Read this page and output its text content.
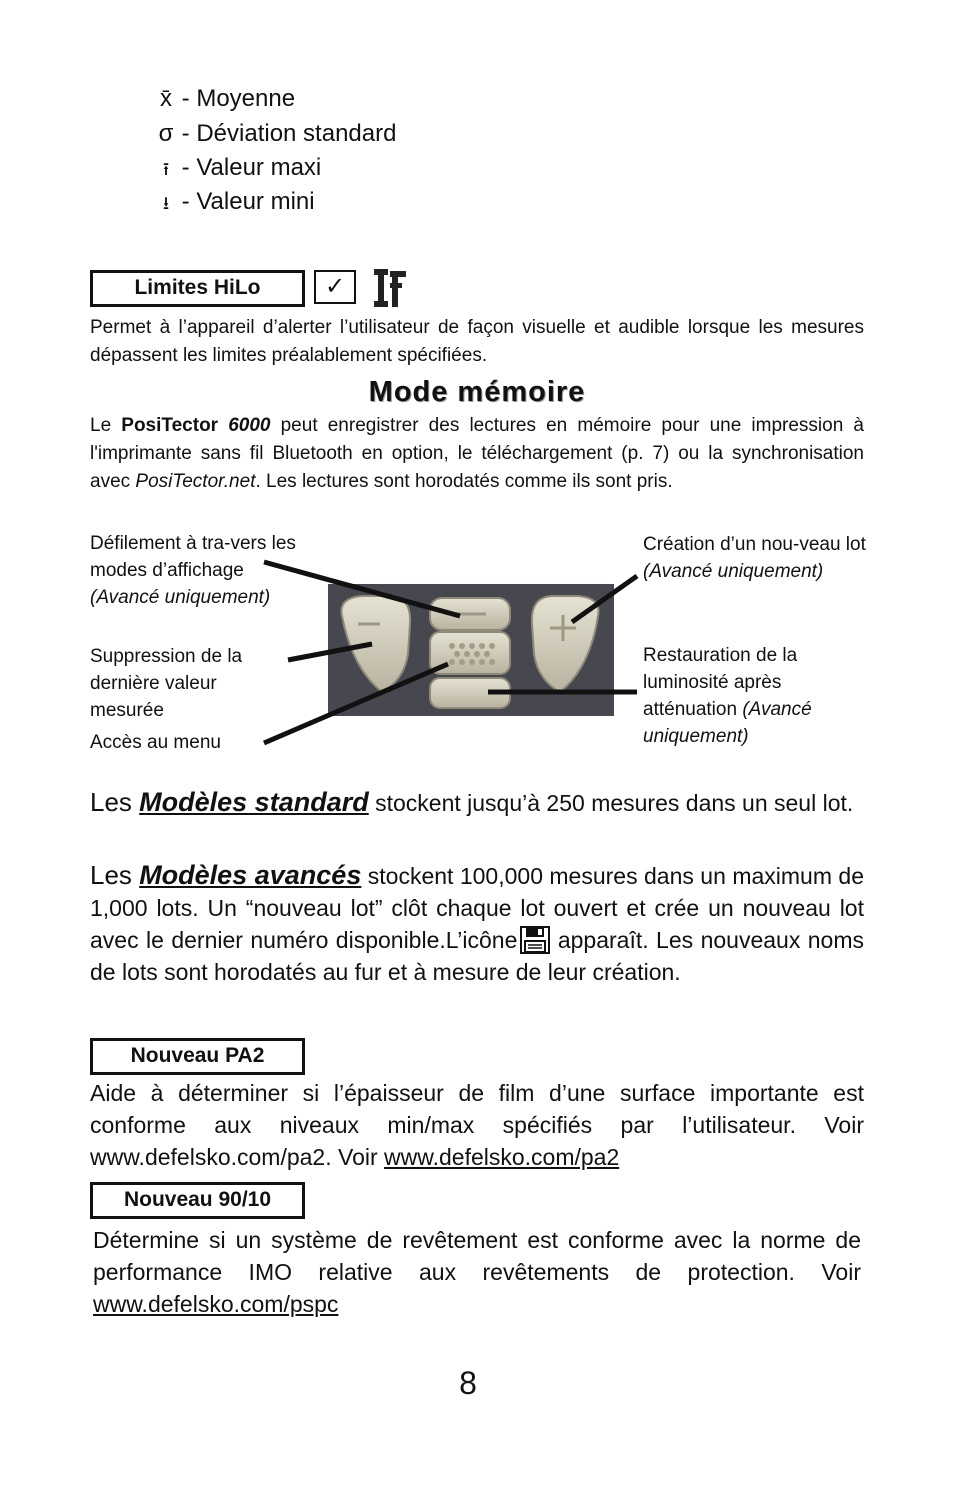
x̄ - Moyenne
σ - Déviation standard
⭱ - Valeur maxi
⭳ - Valeur mini
Limites HiLo	✓
Permet à l’appareil d’alerter l’utilisateur de façon visuelle et audible lorsque les mesures dépassent les limites préalablement spécifiées.
Mode mémoire
Le PosiTector 6000 peut enregistrer des lectures en mémoire pour une impression à l'imprimante sans fil Bluetooth en option, le téléchargement (p. 7) ou la synchronisation avec PosiTector.net. Les lectures sont horodatés comme ils sont pris.
Défilement à tra-vers les modes d’affichage (Avancé uniquement)
Suppression de la dernière valeur mesurée
Accès au menu
Création d’un nou-veau lot
(Avancé uniquement)
Restauration de la luminosité après atténuation (Avancé uniquement)
Les Modèles standard stockent jusqu’à 250 mesures dans un seul lot.
Les Modèles avancés stockent 100,000 mesures dans un maximum de 1,000 lots. Un “nouveau lot” clôt chaque lot ouvert et crée un nouveau lot avec le dernier numéro disponible.L’icône apparaît. Les nouveaux noms de lots sont horodatés au fur et à mesure de leur création.
Nouveau PA2
Aide à déterminer si l’épaisseur de film d’une surface importante est conforme aux niveaux min/max spécifiés par l’utilisateur. Voir www.defelsko.com/pa2. Voir www.defelsko.com/pa2
Nouveau 90/10
Détermine si un système de revêtement est conforme avec la norme de performance IMO relative aux revêtements de protection. Voir www.defelsko.com/pspc
8
